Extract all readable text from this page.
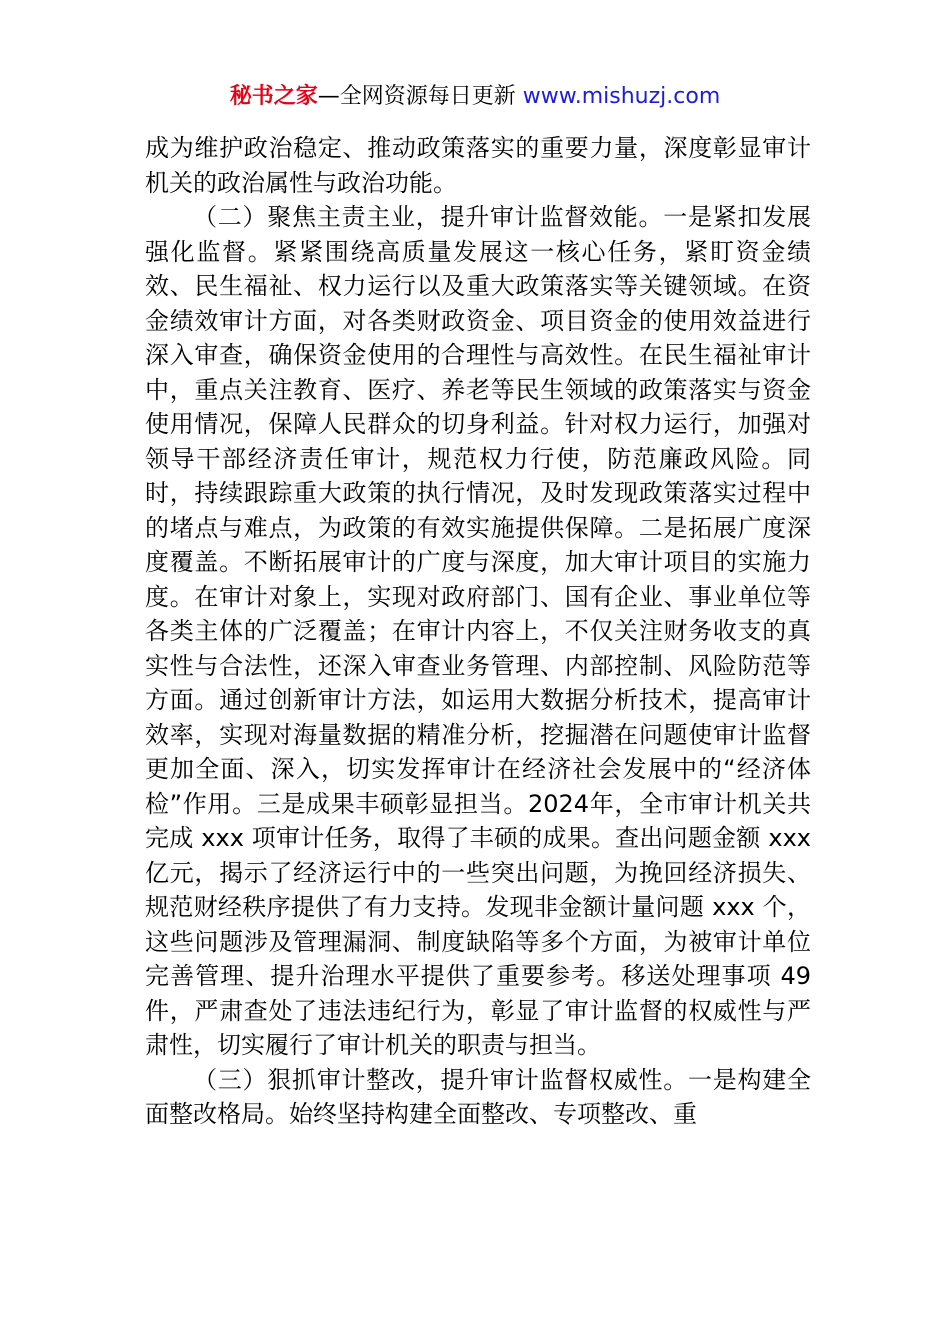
秘书之家—全网资源每日更新 www.mishuzj.com

成为维护政治稳定、推动政策落实的重要力量，深度彰显审计机关的政治属性与政治功能。

（二）聚焦主责主业，提升审计监督效能。一是紧扣发展强化监督。紧紧围绕高质量发展这一核心任务，紧盯资金绩效、民生福祉、权力运行以及重大政策落实等关键领域。在资金绩效审计方面，对各类财政资金、项目资金的使用效益进行深入审查，确保资金使用的合理性与高效性。在民生福祉审计中，重点关注教育、医疗、养老等民生领域的政策落实与资金使用情况，保障人民群众的切身利益。针对权力运行，加强对领导干部经济责任审计，规范权力行使，防范廉政风险。同时，持续跟踪重大政策的执行情况，及时发现政策落实过程中的堵点与难点，为政策的有效实施提供保障。二是拓展广度深度覆盖。不断拓展审计的广度与深度，加大审计项目的实施力度。在审计对象上，实现对政府部门、国有企业、事业单位等各类主体的广泛覆盖；在审计内容上，不仅关注财务收支的真实性与合法性，还深入审查业务管理、内部控制、风险防范等方面。通过创新审计方法，如运用大数据分析技术，提高审计效率，实现对海量数据的精准分析，挖掘潜在问题使审计监督更加全面、深入，切实发挥审计在经济社会发展中的“经济体检”作用。三是成果丰硕彰显担当。2024年，全市审计机关共完成 xxx 项审计任务，取得了丰硕的成果。查出问题金额 xxx 亿元，揭示了经济运行中的一些突出问题，为挽回经济损失、规范财经秩序提供了有力支持。发现非金额计量问题 xxx 个，这些问题涉及管理漏洞、制度缺陷等多个方面，为被审计单位完善管理、提升治理水平提供了重要参考。移送处理事项 49 件，严肃查处了违法违纪行为，彰显了审计监督的权威性与严肃性，切实履行了审计机关的职责与担当。

（三）狠抓审计整改，提升审计监督权威性。一是构建全面整改格局。始终坚持构建全面整改、专项整改、重
